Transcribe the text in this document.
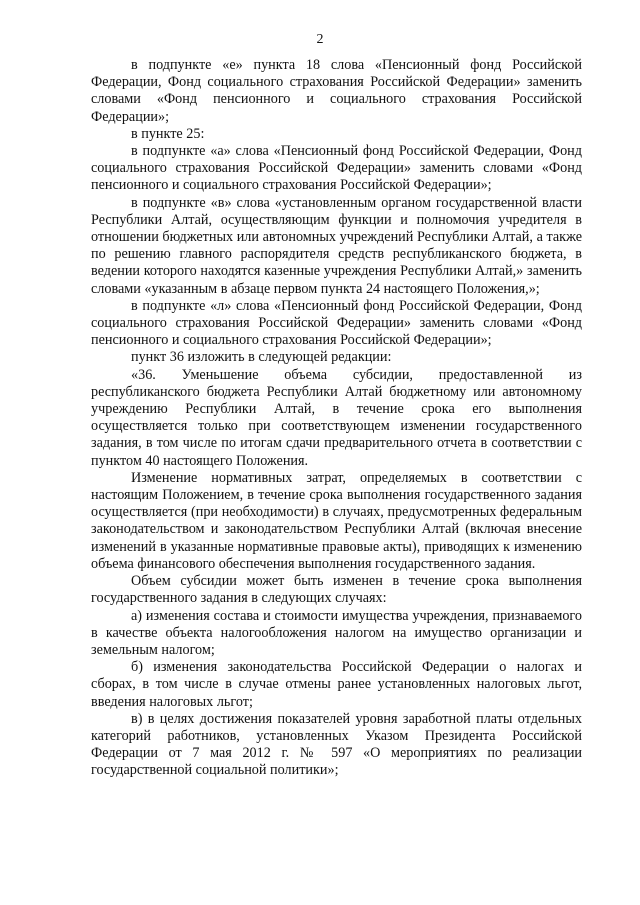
2

в подпункте «е» пункта 18 слова «Пенсионный фонд Российской Федерации, Фонд социального страхования Российской Федерации» заменить словами «Фонд пенсионного и социального страхования Российской Федерации»;

в пункте 25:

в подпункте «а» слова «Пенсионный фонд Российской Федерации, Фонд социального страхования Российской Федерации» заменить словами «Фонд пенсионного и социального страхования Российской Федерации»;

в подпункте «в» слова «установленным органом государственной власти Республики Алтай, осуществляющим функции и полномочия учредителя в отношении бюджетных или автономных учреждений Республики Алтай, а также по решению главного распорядителя средств республиканского бюджета, в ведении которого находятся казенные учреждения Республики Алтай,» заменить словами «указанным в абзаце первом пункта 24 настоящего Положения,»;

в подпункте «л» слова «Пенсионный фонд Российской Федерации, Фонд социального страхования Российской Федерации» заменить словами «Фонд пенсионного и социального страхования Российской Федерации»;

пункт 36 изложить в следующей редакции:

«36. Уменьшение объема субсидии, предоставленной из республиканского бюджета Республики Алтай бюджетному или автономному учреждению Республики Алтай, в течение срока его выполнения осуществляется только при соответствующем изменении государственного задания, в том числе по итогам сдачи предварительного отчета в соответствии с пунктом 40 настоящего Положения.

Изменение нормативных затрат, определяемых в соответствии с настоящим Положением, в течение срока выполнения государственного задания осуществляется (при необходимости) в случаях, предусмотренных федеральным законодательством и законодательством Республики Алтай (включая внесение изменений в указанные нормативные правовые акты), приводящих к изменению объема финансового обеспечения выполнения государственного задания.

Объем субсидии может быть изменен в течение срока выполнения государственного задания в следующих случаях:

а) изменения состава и стоимости имущества учреждения, признаваемого в качестве объекта налогообложения налогом на имущество организации и земельным налогом;

б) изменения законодательства Российской Федерации о налогах и сборах, в том числе в случае отмены ранее установленных налоговых льгот, введения налоговых льгот;

в) в целях достижения показателей уровня заработной платы отдельных категорий работников, установленных Указом Президента Российской Федерации от 7 мая 2012 г. № 597 «О мероприятиях по реализации государственной социальной политики»;
